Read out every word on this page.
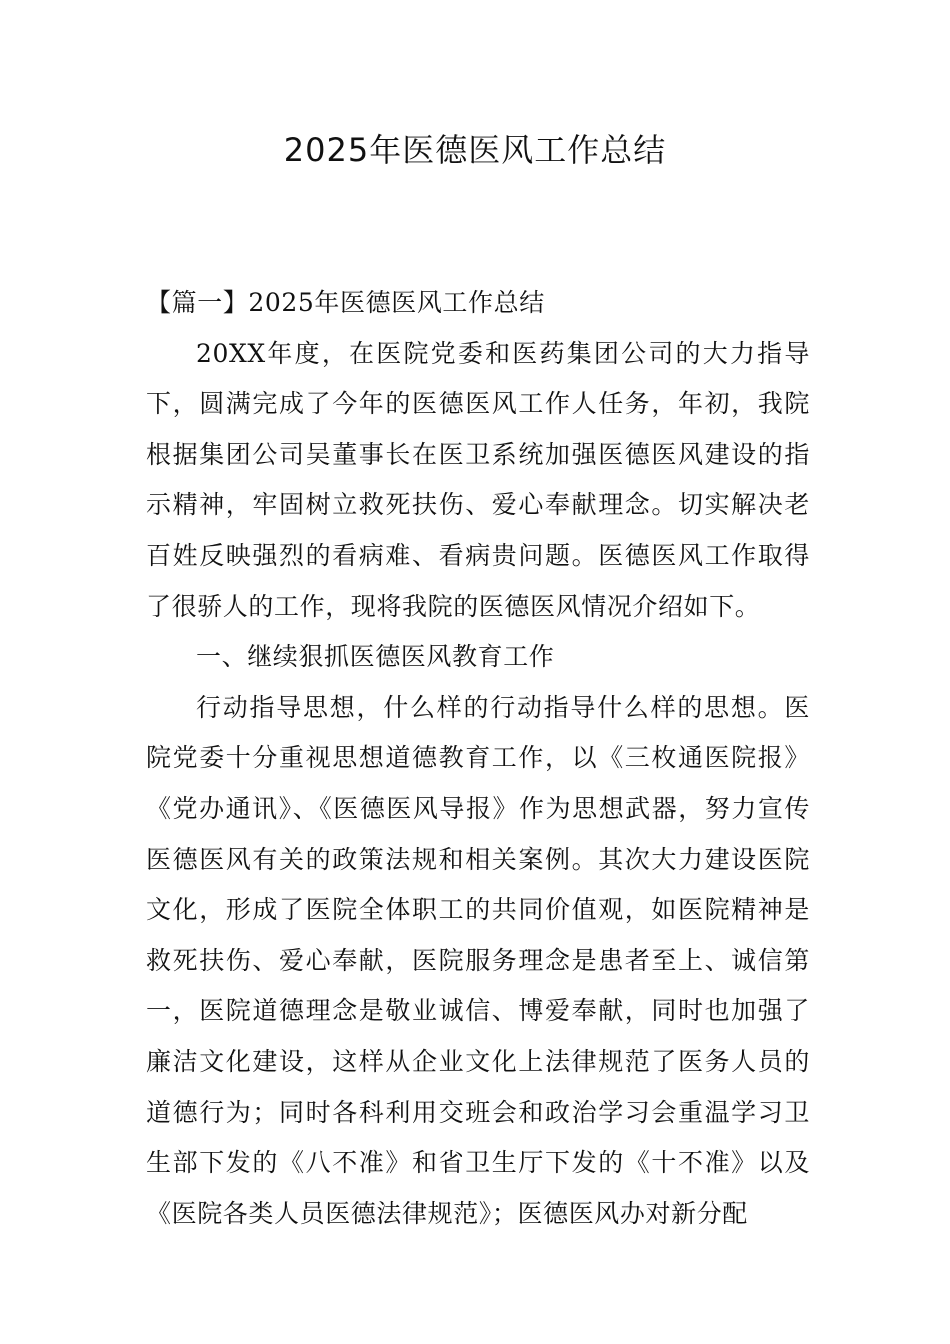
2025年医德医风工作总结

【篇一】2025年医德医风工作总结

20XX年度，在医院党委和医药集团公司的大力指导下，圆满完成了今年的医德医风工作人任务，年初，我院根据集团公司吴董事长在医卫系统加强医德医风建设的指示精神，牢固树立救死扶伤、爱心奉献理念。切实解决老百姓反映强烈的看病难、看病贵问题。医德医风工作取得了很骄人的工作，现将我院的医德医风情况介绍如下。

一、继续狠抓医德医风教育工作

行动指导思想，什么样的行动指导什么样的思想。医院党委十分重视思想道德教育工作，以《三枚通医院报》《党办通讯》、《医德医风导报》作为思想武器，努力宣传医德医风有关的政策法规和相关案例。其次大力建设医院文化，形成了医院全体职工的共同价值观，如医院精神是救死扶伤、爱心奉献，医院服务理念是患者至上、诚信第一，医院道德理念是敬业诚信、博爱奉献，同时也加强了廉洁文化建设，这样从企业文化上法律规范了医务人员的道德行为；同时各科利用交班会和政治学习会重温学习卫生部下发的《八不准》和省卫生厅下发的《十不准》以及《医院各类人员医德法律规范》；医德医风办对新分配
